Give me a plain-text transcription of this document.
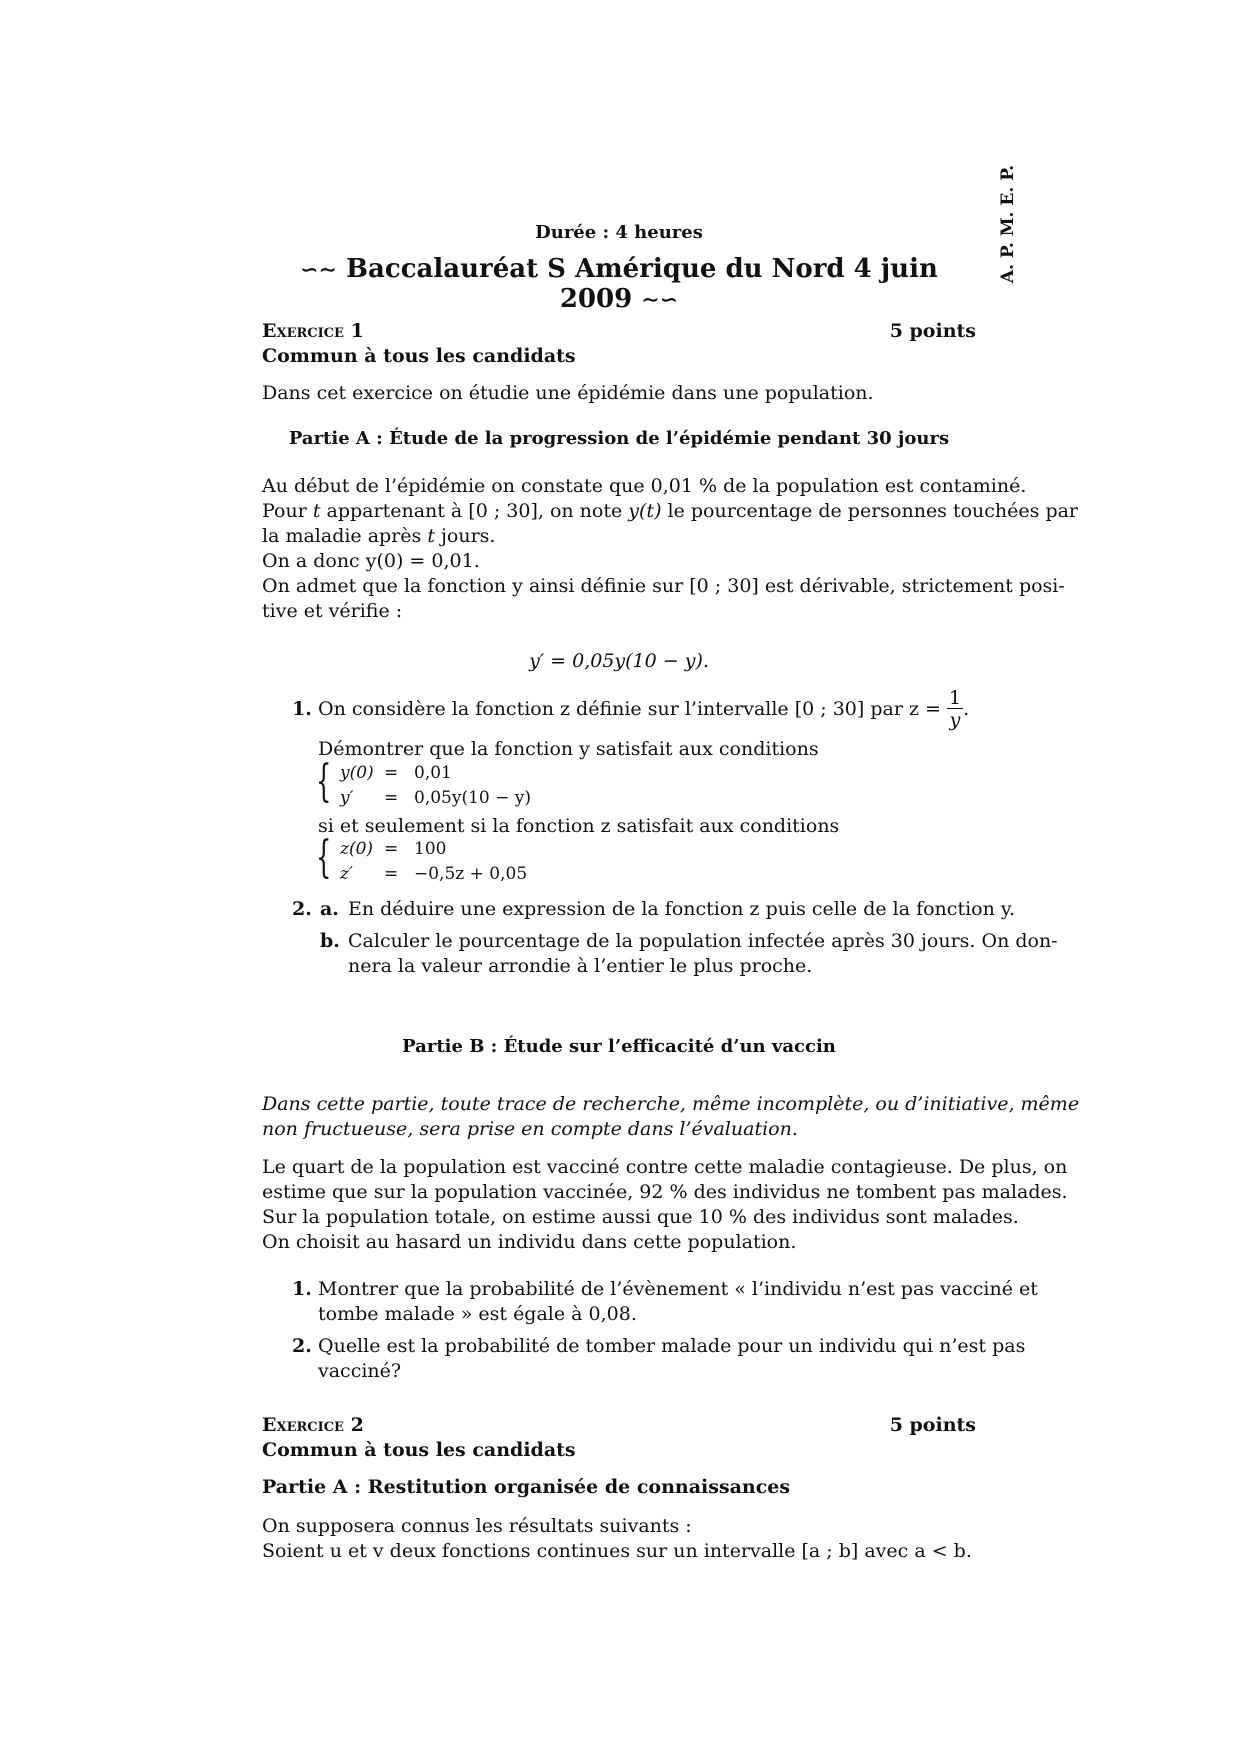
A. P. M. E. P.
Durée : 4 heures
∽∼ Baccalauréat S Amérique du Nord 4 juin 2009 ∼∽
Exercice 1	5 points
Commun à tous les candidats
Dans cet exercice on étudie une épidémie dans une population.
Partie A : Étude de la progression de l’épidémie pendant 30 jours
Au début de l’épidémie on constate que 0,01 % de la population est contaminé.
Pour t appartenant à [0 ; 30], on note y(t) le pourcentage de personnes touchées par
la maladie après t jours.
On a donc y(0) = 0,01.
On admet que la fonction y ainsi définie sur [0 ; 30] est dérivable, strictement posi-
tive et vérifie :
y′ = 0,05y(10 − y).
1. On considère la fonction z définie sur l’intervalle [0 ; 30] par z =
$\frac{1}{y}$ .
Démontrer que la fonction y satisfait aux conditions
{ y(0) = 0,01
y′ = 0,05y(10 − y)
si et seulement si la fonction z satisfait aux conditions
{ z(0) = 100
z′ = −0,5z + 0,05
2. a. En déduire une expression de la fonction z puis celle de la fonction y.
b. Calculer le pourcentage de la population infectée après 30 jours. On don-
nera la valeur arrondie à l’entier le plus proche.
Partie B : Étude sur l’efficacité d’un vaccin
Dans cette partie, toute trace de recherche, même incomplète, ou d’initiative, même
non fructueuse, sera prise en compte dans l’évaluation.
Le quart de la population est vacciné contre cette maladie contagieuse. De plus, on
estime que sur la population vaccinée, 92 % des individus ne tombent pas malades.
Sur la population totale, on estime aussi que 10 % des individus sont malades.
On choisit au hasard un individu dans cette population.
1. Montrer que la probabilité de l’évènement « l’individu n’est pas vacciné et
tombe malade » est égale à 0,08.
2. Quelle est la probabilité de tomber malade pour un individu qui n’est pas
vacciné?
Exercice 2	5 points
Commun à tous les candidats
Partie A : Restitution organisée de connaissances
On supposera connus les résultats suivants :
Soient u et v deux fonctions continues sur un intervalle [a ; b] avec a < b.
